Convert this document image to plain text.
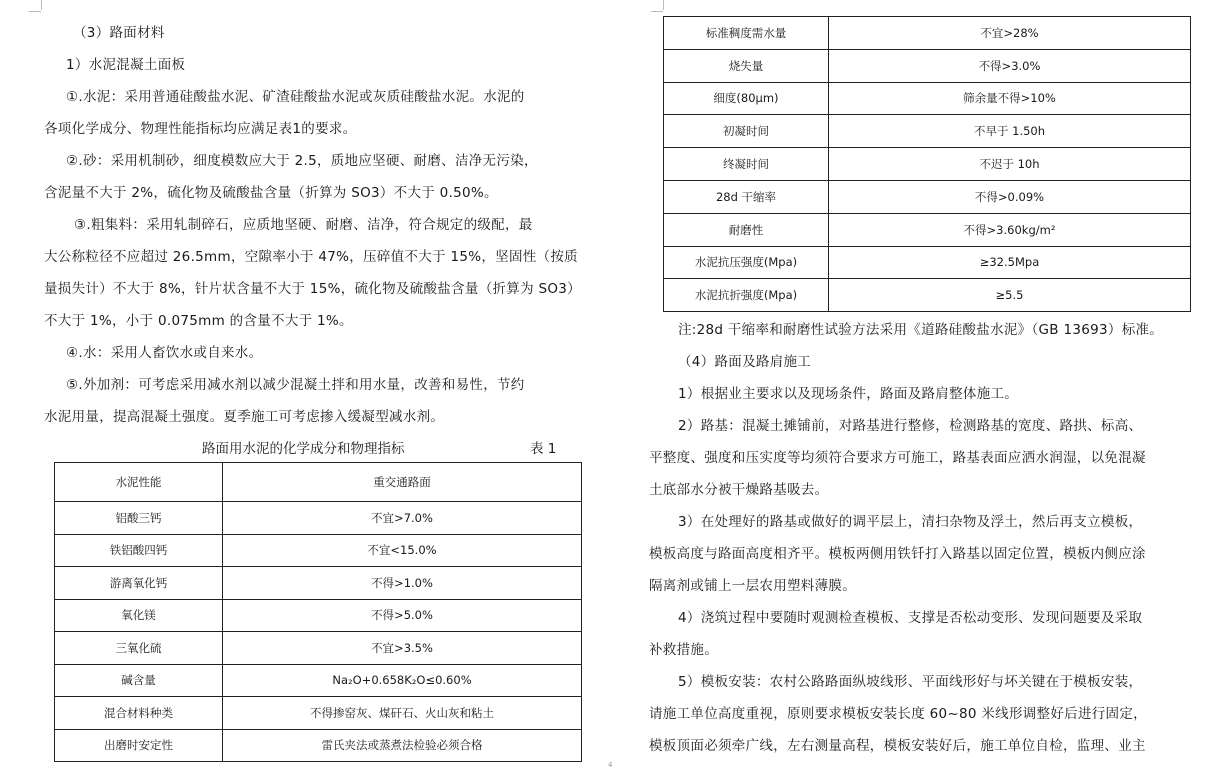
（3）路面材料
1）水泥混凝土面板
①.水泥：采用普通硅酸盐水泥、矿渣硅酸盐水泥或灰质硅酸盐水泥。水泥的
各项化学成分、物理性能指标均应满足表1的要求。
②.砂：采用机制砂，细度模数应大于 2.5，质地应坚硬、耐磨、洁净无污染，
含泥量不大于 2%，硫化物及硫酸盐含量（折算为 SO3）不大于 0.50%。
③.粗集料：采用轧制碎石，应质地坚硬、耐磨、洁净，符合规定的级配，最
大公称粒径不应超过 26.5mm，空隙率小于 47%，压碎值不大于 15%，坚固性（按质
量损失计）不大于 8%，针片状含量不大于 15%，硫化物及硫酸盐含量（折算为 SO3）
不大于 1%，小于 0.075mm 的含量不大于 1%。
④.水：采用人畜饮水或自来水。
⑤.外加剂：可考虑采用减水剂以减少混凝土拌和用水量，改善和易性，节约
水泥用量，提高混凝土强度。夏季施工可考虑掺入缓凝型减水剂。
路面用水泥的化学成分和物理指标	表 1
水泥性能	重交通路面
铝酸三钙	不宜>7.0%
铁铝酸四钙	不宜<15.0%
游离氧化钙	不得>1.0%
氧化镁	不得>5.0%
三氧化硫	不宜>3.5%
碱含量	Na₂O+0.658K₂O≤0.60%
混合材料种类	不得掺窑灰、煤矸石、火山灰和粘土
出磨时安定性	雷氏夹法或蒸煮法检验必须合格
标准稠度需水量	不宜>28%
烧失量	不得>3.0%
细度(80μm)	筛余量不得>10%
初凝时间	不早于 1.50h
终凝时间	不迟于 10h
28d 干缩率	不得>0.09%
耐磨性	不得>3.60kg/m²
水泥抗压强度(Mpa)	≥32.5Mpa
水泥抗折强度(Mpa)	≥5.5
注:28d 干缩率和耐磨性试验方法采用《道路硅酸盐水泥》（GB 13693）标准。
（4）路面及路肩施工
1）根据业主要求以及现场条件，路面及路肩整体施工。
2）路基：混凝土摊铺前，对路基进行整修，检测路基的宽度、路拱、标高、
平整度、强度和压实度等均须符合要求方可施工，路基表面应洒水润湿，以免混凝
土底部水分被干燥路基吸去。
3）在处理好的路基或做好的调平层上，清扫杂物及浮土，然后再支立模板，
模板高度与路面高度相齐平。模板两侧用铁钎打入路基以固定位置，模板内侧应涂
隔离剂或铺上一层农用塑料薄膜。
4）浇筑过程中要随时观测检查模板、支撑是否松动变形、发现问题要及采取
补救措施。
5）模板安装：农村公路路面纵坡线形、平面线形好与坏关键在于模板安装，
请施工单位高度重视，原则要求模板安装长度 60~80 米线形调整好后进行固定，
模板顶面必须牵广线，左右测量高程，模板安装好后，施工单位自检，监理、业主
4
